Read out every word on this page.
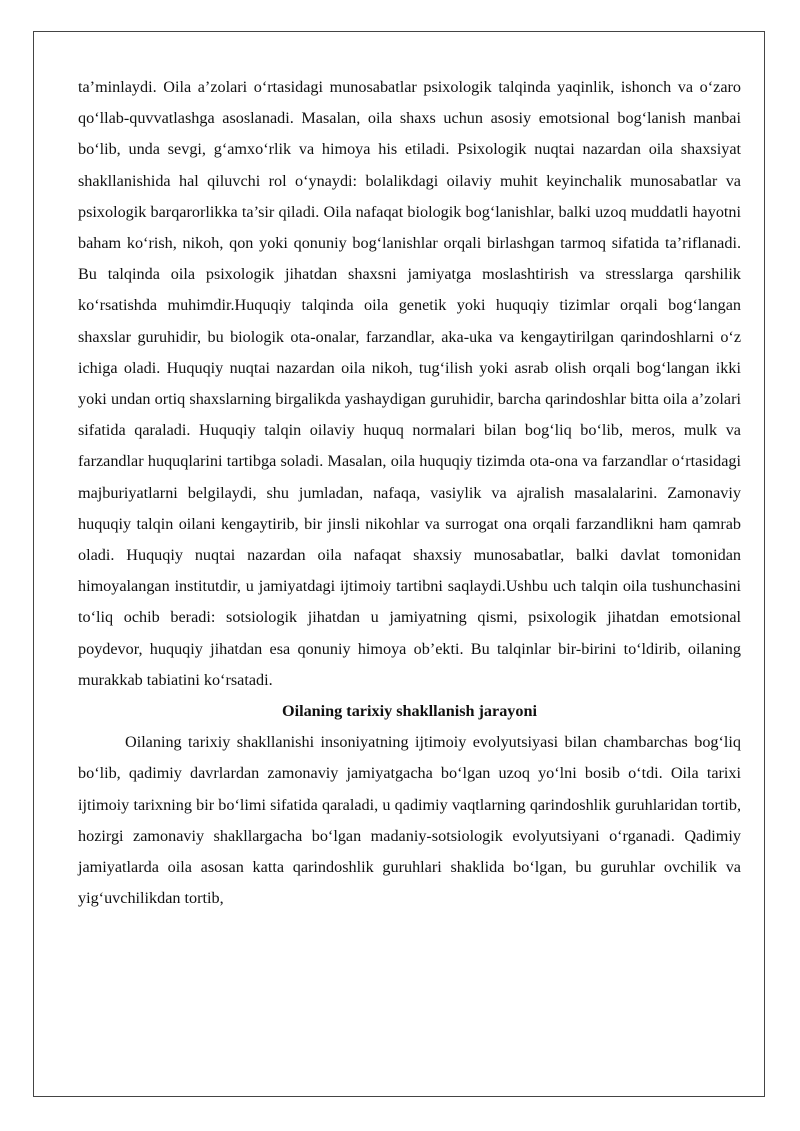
ta’minlaydi. Oila a’zolari o‘rtasidagi munosabatlar psixologik talqinda yaqinlik, ishonch va o‘zaro qo‘llab-quvvatlashga asoslanadi. Masalan, oila shaxs uchun asosiy emotsional bog‘lanish manbai bo‘lib, unda sevgi, g‘amxo‘rlik va himoya his etiladi. Psixologik nuqtai nazardan oila shaxsiyat shakllanishida hal qiluvchi rol o‘ynaydi: bolalikdagi oilaviy muhit keyinchalik munosabatlar va psixologik barqarorlikka ta’sir qiladi. Oila nafaqat biologik bog‘lanishlar, balki uzoq muddatli hayotni baham ko‘rish, nikoh, qon yoki qonuniy bog‘lanishlar orqali birlashgan tarmoq sifatida ta’riflanadi. Bu talqinda oila psixologik jihatdan shaxsni jamiyatga moslashtirish va stresslarga qarshilik ko‘rsatishda muhimdir.Huquqiy talqinda oila genetik yoki huquqiy tizimlar orqali bog‘langan shaxslar guruhidir, bu biologik ota-onalar, farzandlar, aka-uka va kengaytirilgan qarindoshlarni o‘z ichiga oladi. Huquqiy nuqtai nazardan oila nikoh, tug‘ilish yoki asrab olish orqali bog‘langan ikki yoki undan ortiq shaxslarning birgalikda yashaydigan guruhidir, barcha qarindoshlar bitta oila a’zolari sifatida qaraladi. Huquqiy talqin oilaviy huquq normalari bilan bog‘liq bo‘lib, meros, mulk va farzandlar huquqlarini tartibga soladi. Masalan, oila huquqiy tizimda ota-ona va farzandlar o‘rtasidagi majburiyatlarni belgilaydi, shu jumladan, nafaqa, vasiylik va ajralish masalalarini. Zamonaviy huquqiy talqin oilani kengaytirib, bir jinsli nikohlar va surrogat ona orqali farzandlikni ham qamrab oladi. Huquqiy nuqtai nazardan oila nafaqat shaxsiy munosabatlar, balki davlat tomonidan himoyalangan institutdir, u jamiyatdagi ijtimoiy tartibni saqlaydi.Ushbu uch talqin oila tushunchasini to‘liq ochib beradi: sotsiologik jihatdan u jamiyatning qismi, psixologik jihatdan emotsional poydevor, huquqiy jihatdan esa qonuniy himoya ob’ekti. Bu talqinlar bir-birini to‘ldirib, oilaning murakkab tabiatini ko‘rsatadi.

Oilaning tarixiy shakllanish jarayoni

Oilaning tarixiy shakllanishi insoniyatning ijtimoiy evolyutsiyasi bilan chambarchas bog‘liq bo‘lib, qadimiy davrlardan zamonaviy jamiyatgacha bo‘lgan uzoq yo‘lni bosib o‘tdi. Oila tarixi ijtimoiy tarixning bir bo‘limi sifatida qaraladi, u qadimiy vaqtlarning qarindoshlik guruhlaridan tortib, hozirgi zamonaviy shakllargacha bo‘lgan madaniy-sotsiologik evolyutsiyani o‘rganadi. Qadimiy jamiyatlarda oila asosan katta qarindoshlik guruhlari shaklida bo‘lgan, bu guruhlar ovchilik va yig‘uvchilikdan tortib,
